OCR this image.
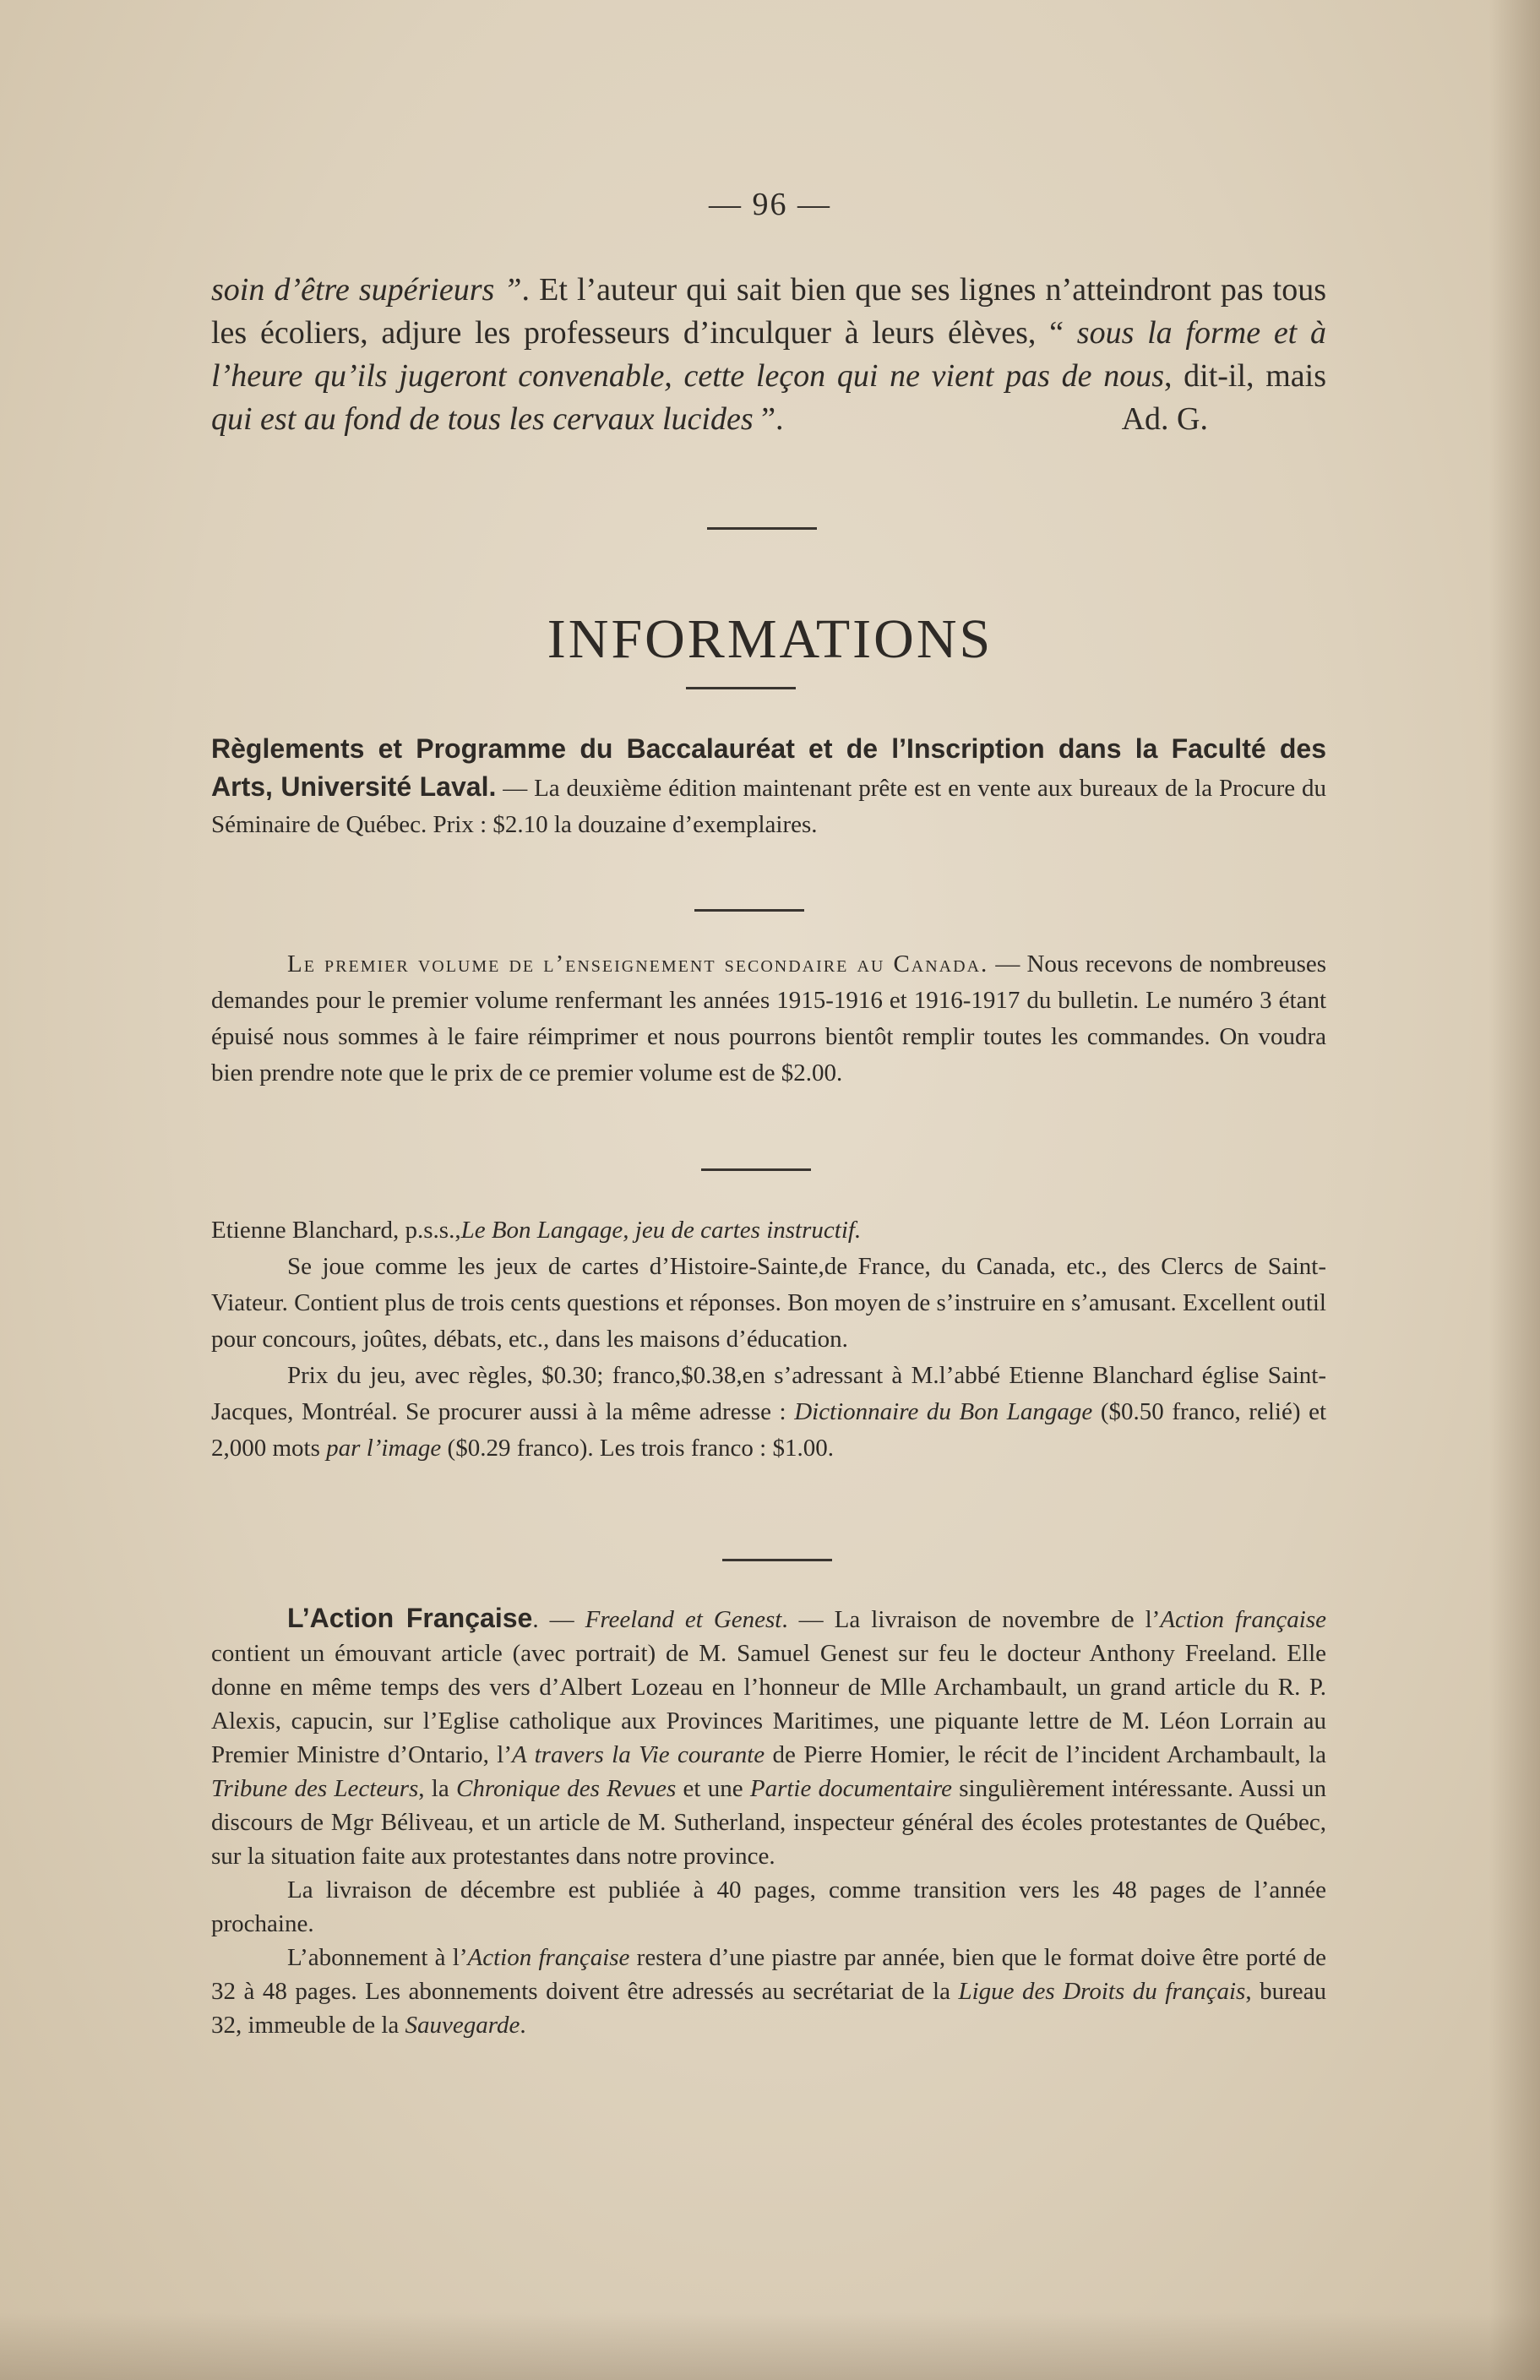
— 96 —

soin d’être supérieurs ”. Et l’auteur qui sait bien que ses lignes n’atteindront pas tous les écoliers, adjure les professeurs d’inculquer à leurs élèves, “ sous la forme et à l’heure qu’ils jugeront convenable, cette leçon qui ne vient pas de nous, dit-il, mais qui est au fond de tous les cervaux lucides ”.	Ad. G.

INFORMATIONS

Règlements et Programme du Baccalauréat et de l’Inscription dans la Faculté des Arts, Université Laval. — La deuxième édition maintenant prête est en vente aux bureaux de la Procure du Séminaire de Québec. Prix : $2.10 la douzaine d’exemplaires.

Le premier volume de l’enseignement secondaire au Canada. — Nous recevons de nombreuses demandes pour le premier volume renfermant les années 1915-1916 et 1916-1917 du bulletin. Le numéro 3 étant épuisé nous sommes à le faire réimprimer et nous pourrons bientôt remplir toutes les commandes. On voudra bien prendre note que le prix de ce premier volume est de $2.00.

Etienne Blanchard, p.s.s.,Le Bon Langage, jeu de cartes instructif.

Se joue comme les jeux de cartes d’Histoire-Sainte,de France, du Canada, etc., des Clercs de Saint-Viateur. Contient plus de trois cents questions et réponses. Bon moyen de s’instruire en s’amusant. Excellent outil pour concours, joûtes, débats, etc., dans les maisons d’éducation.

Prix du jeu, avec règles, $0.30; franco,$0.38,en s’adressant à M.l’abbé Etienne Blanchard église Saint-Jacques, Montréal. Se procurer aussi à la même adresse : Dictionnaire du Bon Langage ($0.50 franco, relié) et 2,000 mots par l’image ($0.29 franco). Les trois franco : $1.00.

L’Action Française. — Freeland et Genest. — La livraison de novembre de l’Action française contient un émouvant article (avec portrait) de M. Samuel Genest sur feu le docteur Anthony Freeland. Elle donne en même temps des vers d’Albert Lozeau en l’honneur de Mlle Archambault, un grand article du R. P. Alexis, capucin, sur l’Eglise catholique aux Provinces Maritimes, une piquante lettre de M. Léon Lorrain au Premier Ministre d’Ontario, l’A travers la Vie courante de Pierre Homier, le récit de l’incident Archambault, la Tribune des Lecteurs, la Chronique des Revues et une Partie documentaire singulièrement intéressante. Aussi un discours de Mgr Béliveau, et un article de M. Sutherland, inspecteur général des écoles protestantes de Québec, sur la situation faite aux protestantes dans notre province.

La livraison de décembre est publiée à 40 pages, comme transition vers les 48 pages de l’année prochaine.

L’abonnement à l’Action française restera d’une piastre par année, bien que le format doive être porté de 32 à 48 pages. Les abonnements doivent être adressés au secrétariat de la Ligue des Droits du français, bureau 32, immeuble de la Sauvegarde.
